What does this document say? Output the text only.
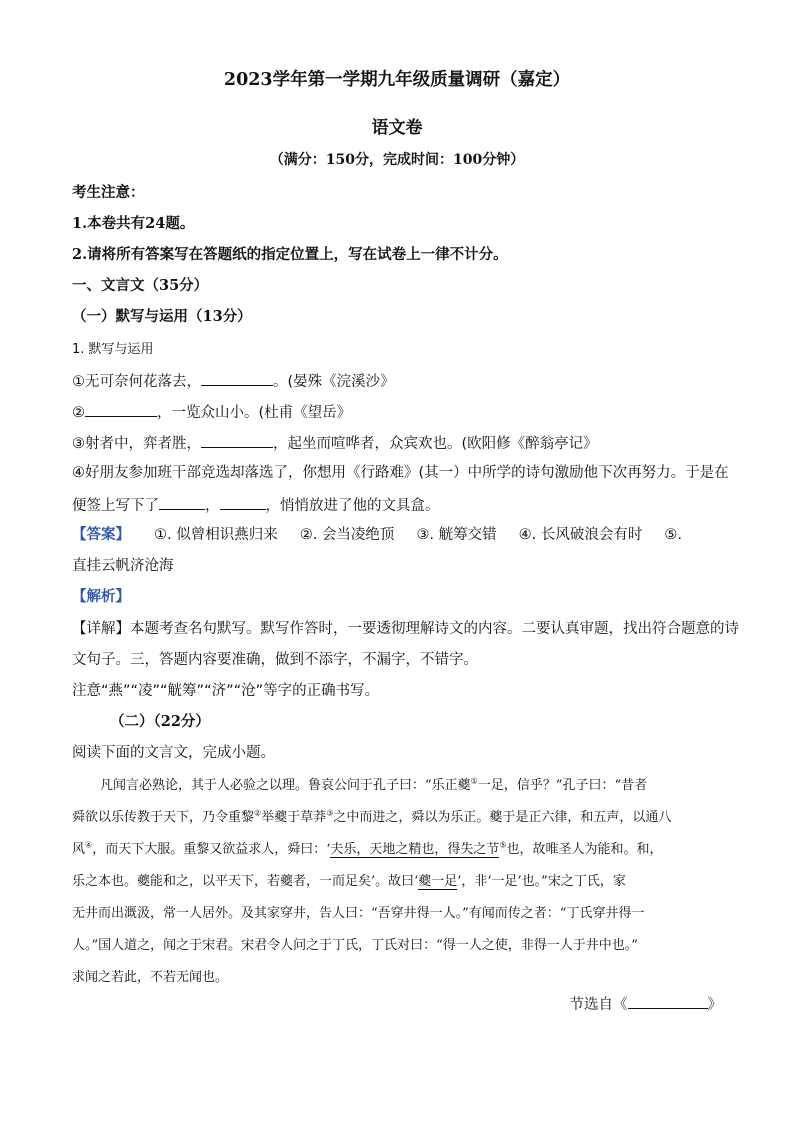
2023学年第一学期九年级质量调研（嘉定）
语文卷
（满分：150分，完成时间：100分钟）
考生注意：
1.本卷共有24题。
2.请将所有答案写在答题纸的指定位置上，写在试卷上一律不计分。
一、文言文（35分）
（一）默写与运用（13分）
1. 默写与运用
①无可奈何花落去，	。(晏殊《浣溪沙》
②	，一览众山小。(杜甫《望岳》
③射者中，弈者胜，	，起坐而喧哗者，众宾欢也。(欧阳修《醉翁亭记》
④好朋友参加班干部竞选却落选了，你想用《行路难》(其一）中所学的诗句激励他下次再努力。于是在
便签上写下了	，	，悄悄放进了他的文具盒。
【答案】 ①. 似曾相识燕归来 ②. 会当凌绝顶 ③. 觥筹交错 ④. 长风破浪会有时 ⑤.
直挂云帆济沧海
【解析】
【详解】本题考查名句默写。默写作答时，一要透彻理解诗文的内容。二要认真审题，找出符合题意的诗
文句子。三，答题内容要准确，做到不添字，不漏字，不错字。
注意“燕”“凌”“觥筹”“济”“沧”等字的正确书写。
（二）（22分）
阅读下面的文言文，完成小题。
凡闻言必熟论，其于人必验之以理。鲁哀公问于孔子曰：“乐正夔①一足，信乎？”孔子曰：“昔者
舜欲以乐传教于天下，乃令重黎②举夔于草莽③之中而进之，舜以为乐正。夔于是正六律，和五声，以通八
风④，而天下大服。重黎又欲益求人，舜曰：‘夫乐，天地之精也，得失之节⑤也，故唯圣人为能和。和，
乐之本也。夔能和之，以平天下，若夔者，一而足矣’。故曰‘夔一足’，非‘一足’也。”宋之丁氏，家
无井而出溉汲，常一人居外。及其家穿井，告人曰：“吾穿井得一人。”有闻而传之者：“丁氏穿井得一
人。”国人道之，闻之于宋君。宋君令人问之于丁氏，丁氏对曰：“得一人之使，非得一人于井中也。”
求闻之若此，不若无闻也。
节选自《	》
